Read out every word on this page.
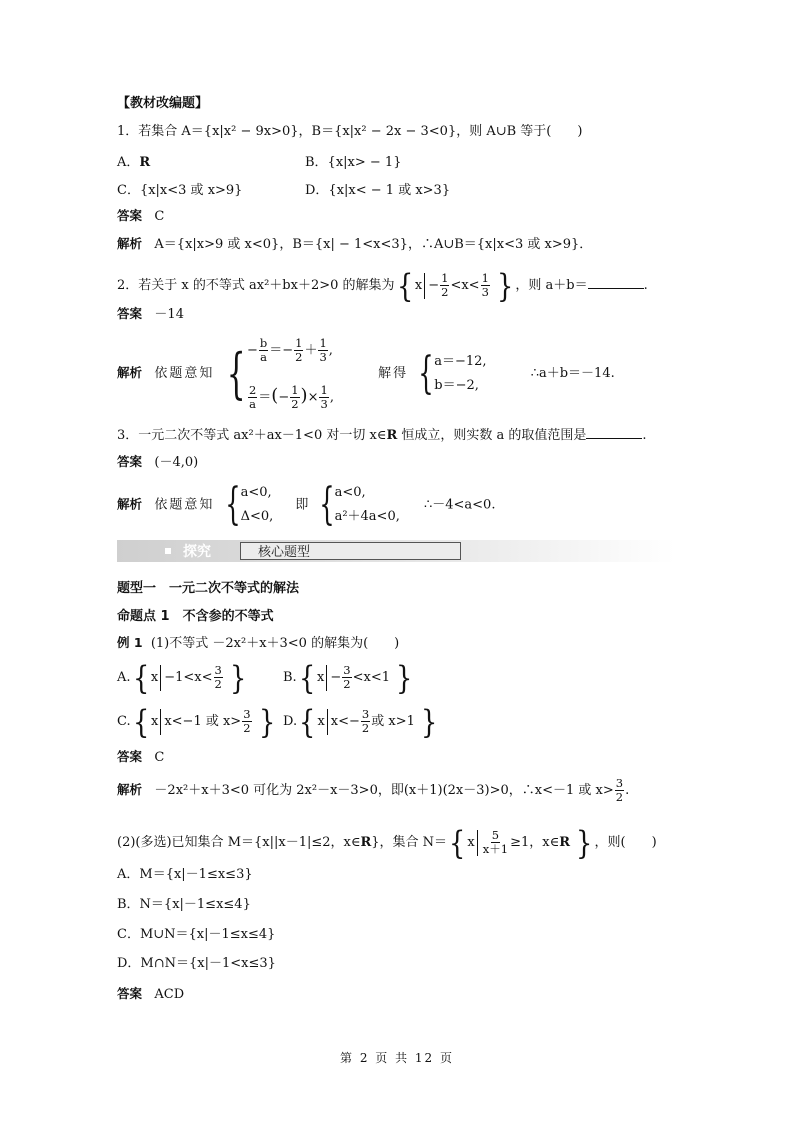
【教材改编题】
1．若集合 A＝{x|x² − 9x>0}，B＝{x|x² − 2x − 3<0}，则 A∪B 等于(　　)
A．R	B．{x|x> − 1}
C．{x|x<3 或 x>9}	D．{x|x< − 1 或 x>3}
答案 C
解析 A＝{x|x>9 或 x<0}，B＝{x| − 1<x<3}，∴A∪B＝{x|x<3 或 x>9}．
2．若关于 x 的不等式 ax²＋bx＋2>0 的解集为{ $x - \frac{1}{2} <x< \frac{1}{3}$ } ，则 a＋b＝	.
答案 －14
解析 依题意知 { − $\frac{b}{a} =- \frac{1}{2} + \frac{1}{3}$ ,
$\frac{2}{a}$ ＝(− $\frac{1}{2}$ )× $\frac{1}{3}$ ,
解得 { a＝−12,
b＝−2,
∴a＋b＝－14.
3．一元二次不等式 ax²＋ax－1<0 对一切 x∈R 恒成立，则实数 a 的取值范围是	.
答案 (－4,0)
解析 依题意知 { a<0,
Δ<0,
即 { a<0,
a²＋4a<0,
∴－4<a<0.
探究	核心题型
题型一　一元二次不等式的解法
命题点 1　不含参的不等式
例 1 (1)不等式 －2x²＋x＋3<0 的解集为(　　)
A.{ $x -1<x< \frac{3}{2}$ }	B.{ $x - \frac{3}{2} <x<1$ }
C.{ x x<−1 或 $x> \frac{3}{2}$ } D.{ x $x<- \frac{3}{2}$ 或 x>1 }
答案 C
解析 －2x²＋x＋3<0 可化为 2x²－x－3>0，即(x＋1)(2x－3)>0，∴x<－1 或 $x> \frac{3}{2}$ .
(2)(多选)已知集合 M＝{x||x－1|≤2，x∈R}，集合 N＝{ x $\frac{5}{x+1} \ge 1$，x∈R } ，则(　　)
A．M＝{x|－1≤x≤3}
B．N＝{x|－1≤x≤4}
C．M∪N＝{x|－1≤x≤4}
D．M∩N＝{x|－1<x≤3}
答案 ACD
第 2 页 共 12 页
